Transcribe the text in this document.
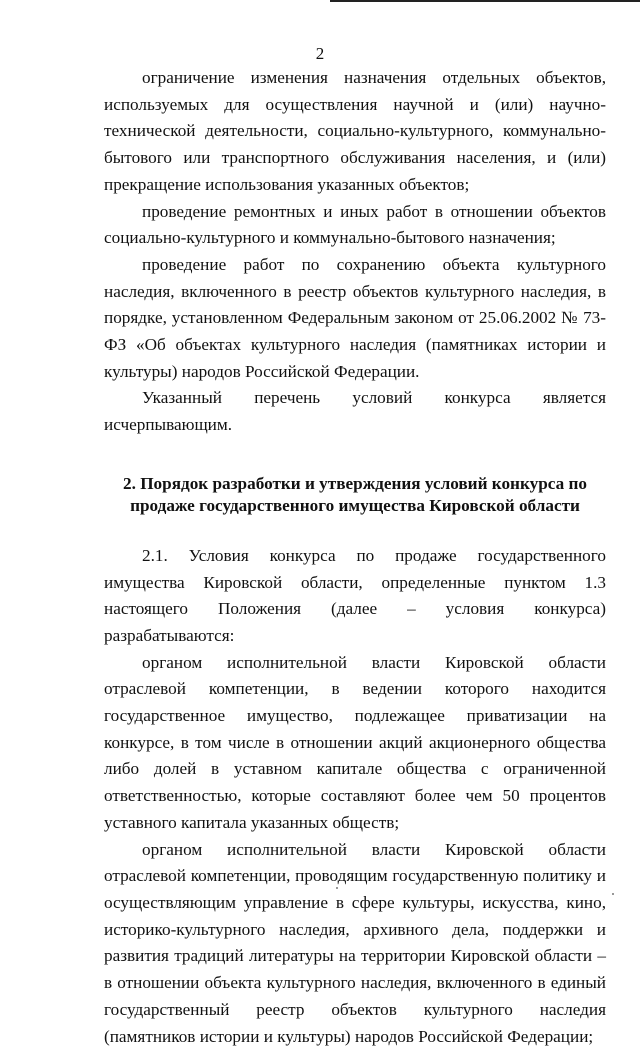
2

ограничение изменения назначения отдельных объектов, используемых для осуществления научной и (или) научно-технической деятельности, социально-культурного, коммунально-бытового или транспортного обслуживания населения, и (или) прекращение использования указанных объектов;

проведение ремонтных и иных работ в отношении объектов социально-культурного и коммунально-бытового назначения;

проведение работ по сохранению объекта культурного наследия, включенного в реестр объектов культурного наследия, в порядке, установленном Федеральным законом от 25.06.2002 № 73-ФЗ «Об объектах культурного наследия (памятниках истории и культуры) народов Российской Федерации.

Указанный перечень условий конкурса является исчерпывающим.

2. Порядок разработки и утверждения условий конкурса по
продаже государственного имущества Кировской области

2.1. Условия конкурса по продаже государственного имущества Кировской области, определенные пунктом 1.3 настоящего Положения (далее – условия конкурса) разрабатываются:

органом исполнительной власти Кировской области отраслевой компетенции, в ведении которого находится государственное имущество, подлежащее приватизации на конкурсе, в том числе в отношении акций акционерного общества либо долей в уставном капитале общества с ограниченной ответственностью, которые составляют более чем 50 процентов уставного капитала указанных обществ;

органом исполнительной власти Кировской области отраслевой компетенции, проводящим государственную политику и осуществляющим управление в сфере культуры, искусства, кино, историко-культурного наследия, архивного дела, поддержки и развития традиций литературы на территории Кировской области – в отношении объекта культурного наследия, включенного в единый государственный реестр объектов культурного наследия (памятников истории и культуры) народов Российской Федерации;
